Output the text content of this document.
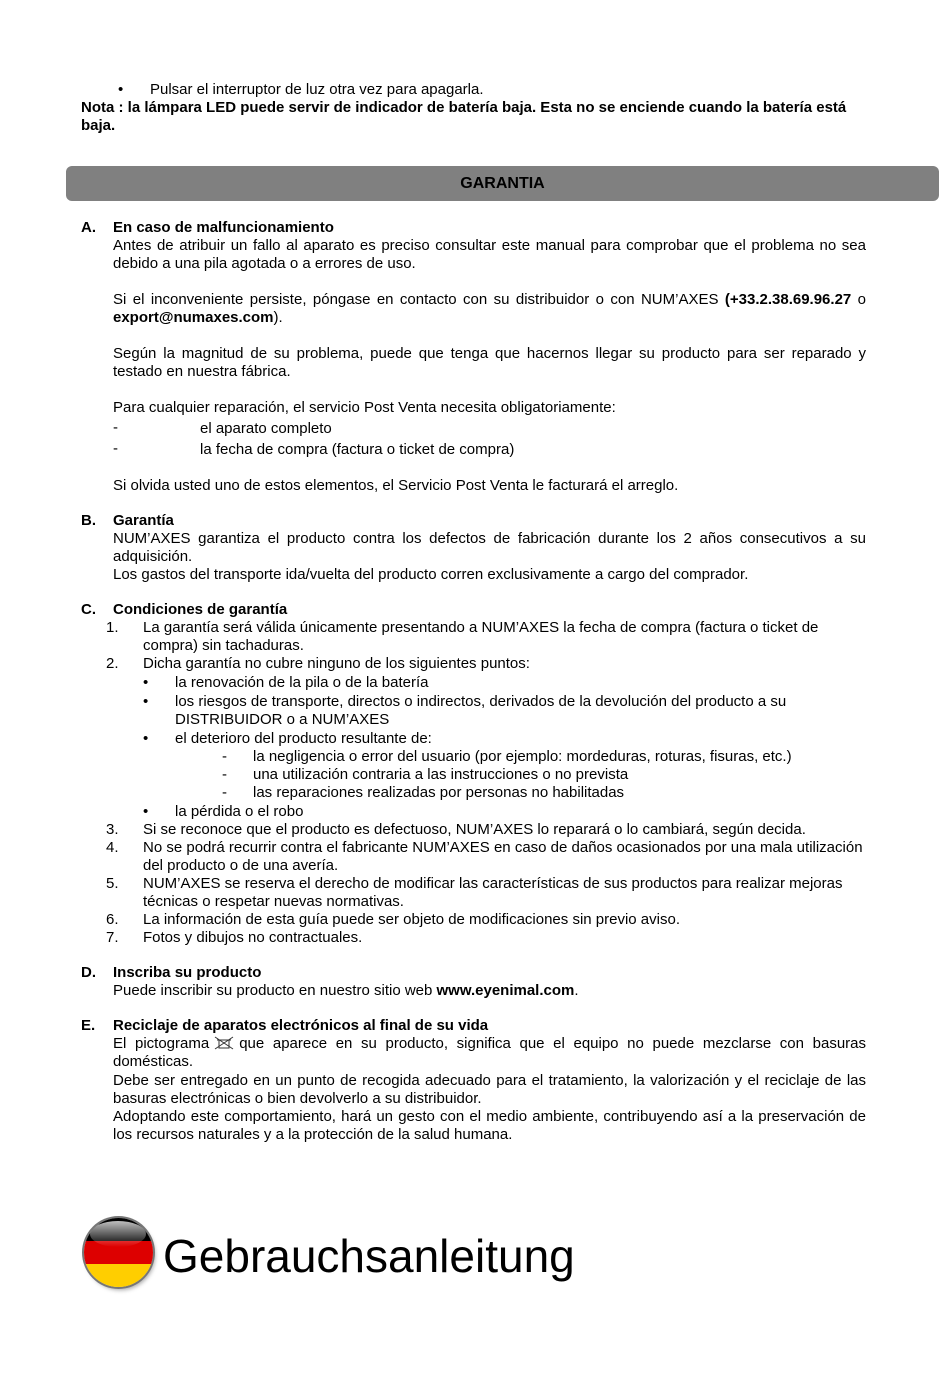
• Pulsar el interruptor de luz otra vez para apagarla.
Nota : la lámpara LED puede servir de indicador de batería baja. Esta no se enciende cuando la batería está baja.
GARANTIA
A. En caso de malfuncionamiento
Antes de atribuir un fallo al aparato es preciso consultar este manual para comprobar que el problema no sea debido a una pila agotada o a errores de uso.
Si el inconveniente persiste, póngase en contacto con su distribuidor o con NUM’AXES (+33.2.38.69.96.27 o export@numaxes.com).
Según la magnitud de su problema, puede que tenga que hacernos llegar su producto para ser reparado y testado en nuestra fábrica.
Para cualquier reparación, el servicio Post Venta necesita obligatoriamente:
-	el aparato completo
-	la fecha de compra (factura o ticket de compra)
Si olvida usted uno de estos elementos, el Servicio Post Venta le facturará el arreglo.
B. Garantía
NUM’AXES garantiza el producto contra los defectos de fabricación durante los 2 años consecutivos a su adquisición.
Los gastos del transporte ida/vuelta del producto corren exclusivamente a cargo del comprador.
C. Condiciones de garantía
1.	La garantía será válida únicamente presentando a NUM’AXES la fecha de compra (factura o ticket de compra) sin tachaduras.
2.	Dicha garantía no cubre ninguno de los siguientes puntos:
• la renovación de la pila o de la batería
• los riesgos de transporte, directos o indirectos, derivados de la devolución del producto a su DISTRIBUIDOR o a NUM’AXES
• el deterioro del producto resultante de:
- la negligencia o error del usuario (por ejemplo: mordeduras, roturas, fisuras, etc.)
- una utilización contraria a las instrucciones o no prevista
- las reparaciones realizadas por personas no habilitadas
• la pérdida o el robo
3.	Si se reconoce que el producto es defectuoso, NUM’AXES lo reparará o lo cambiará, según decida.
4.	No se podrá recurrir contra el fabricante NUM’AXES en caso de daños ocasionados por una mala utilización del producto o de una avería.
5.	NUM’AXES se reserva el derecho de modificar las características de sus productos para realizar mejoras técnicas o respetar nuevas normativas.
6.	La información de esta guía puede ser objeto de modificaciones sin previo aviso.
7.	Fotos y dibujos no contractuales.
D. Inscriba su producto
Puede inscribir su producto en nuestro sitio web www.eyenimal.com.
E. Reciclaje de aparatos electrónicos al final de su vida
El pictograma que aparece en su producto, significa que el equipo no puede mezclarse con basuras domésticas.
Debe ser entregado en un punto de recogida adecuado para el tratamiento, la valorización y el reciclaje de las basuras electrónicas o bien devolverlo a su distribuidor.
Adoptando este comportamiento, hará un gesto con el medio ambiente, contribuyendo así a la preservación de los recursos naturales y a la protección de la salud humana.
Gebrauchsanleitung
